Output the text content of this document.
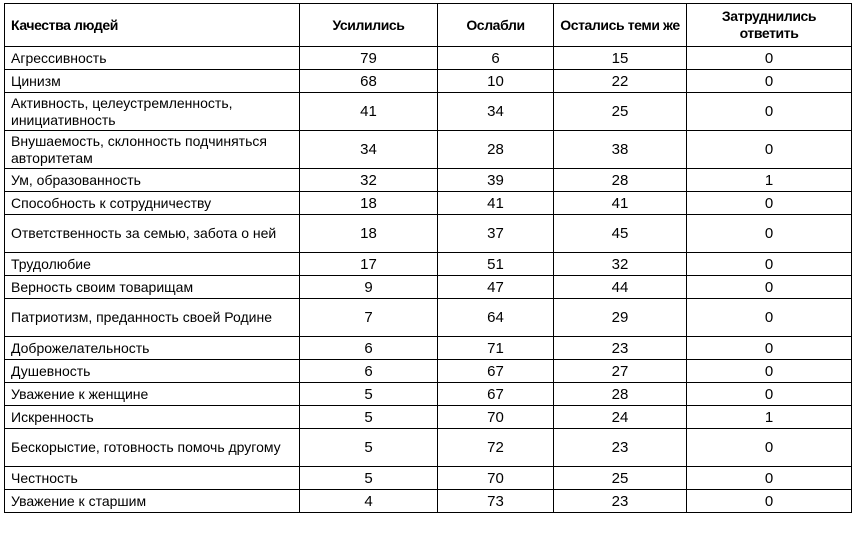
Качества людей	Усилились	Ослабли	Остались теми же	Затруднились ответить
Агрессивность	79	6	15	0
Цинизм	68	10	22	0
Активность, целеустремленность, инициативность	41	34	25	0
Внушаемость, склонность подчиняться авторитетам	34	28	38	0
Ум, образованность	32	39	28	1
Способность к сотрудничеству	18	41	41	0
Ответственность за семью, забота о ней	18	37	45	0
Трудолюбие	17	51	32	0
Верность своим товарищам	9	47	44	0
Патриотизм, преданность своей Родине	7	64	29	0
Доброжелательность	6	71	23	0
Душевность	6	67	27	0
Уважение к женщине	5	67	28	0
Искренность	5	70	24	1
Бескорыстие, готовность помочь другому	5	72	23	0
Честность	5	70	25	0
Уважение к старшим	4	73	23	0
